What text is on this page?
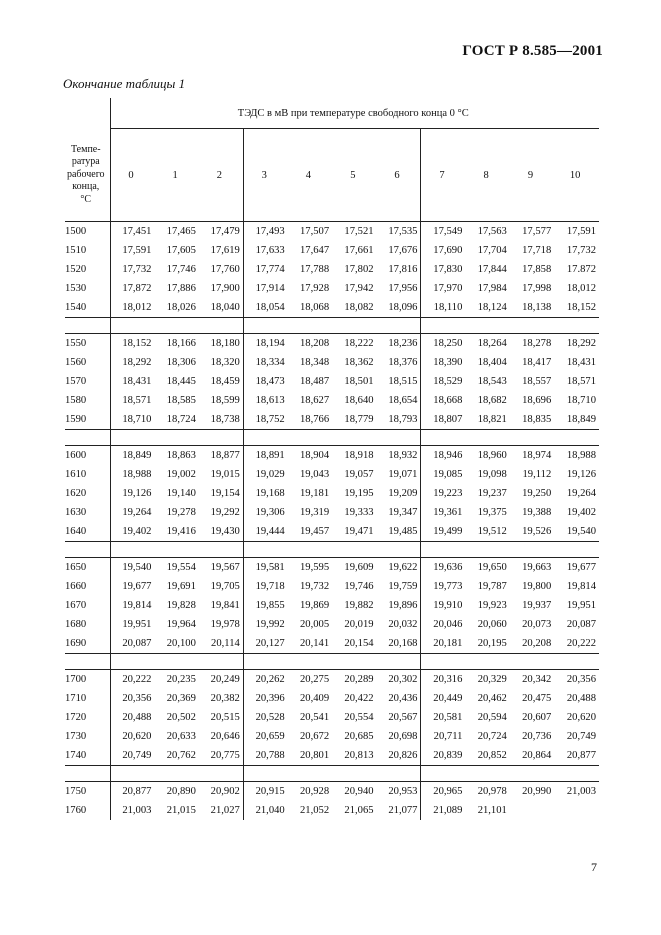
ГОСТ Р 8.585—2001
Окончание таблицы 1
	ТЭДС в мВ при температуре свободного конца 0 °С										
Темпе-
ратура
рабочего
конца,
°С	0	1	2	3	4	5	6	7	8	9	10
1500	17,451	17,465	17,479	17,493	17,507	17,521	17,535	17,549	17,563	17,577	17,591
1510	17,591	17,605	17,619	17,633	17,647	17,661	17,676	17,690	17,704	17,718	17,732
1520	17,732	17,746	17,760	17,774	17,788	17,802	17,816	17,830	17,844	17,858	17.872
1530	17,872	17,886	17,900	17,914	17,928	17,942	17,956	17,970	17,984	17,998	18,012
1540	18,012	18,026	18,040	18,054	18,068	18,082	18,096	18,110	18,124	18,138	18,152

1550	18,152	18,166	18,180	18,194	18,208	18,222	18,236	18,250	18,264	18,278	18,292
1560	18,292	18,306	18,320	18,334	18,348	18,362	18,376	18,390	18,404	18,417	18,431
1570	18,431	18,445	18,459	18,473	18,487	18,501	18,515	18,529	18,543	18,557	18,571
1580	18,571	18,585	18,599	18,613	18,627	18,640	18,654	18,668	18,682	18,696	18,710
1590	18,710	18,724	18,738	18,752	18,766	18,779	18,793	18,807	18,821	18,835	18,849

1600	18,849	18,863	18,877	18,891	18,904	18,918	18,932	18,946	18,960	18,974	18,988
1610	18,988	19,002	19,015	19,029	19,043	19,057	19,071	19,085	19,098	19,112	19,126
1620	19,126	19,140	19,154	19,168	19,181	19,195	19,209	19,223	19,237	19,250	19,264
1630	19,264	19,278	19,292	19,306	19,319	19,333	19,347	19,361	19,375	19,388	19,402
1640	19,402	19,416	19,430	19,444	19,457	19,471	19,485	19,499	19,512	19,526	19,540

1650	19,540	19,554	19,567	19,581	19,595	19,609	19,622	19,636	19,650	19,663	19,677
1660	19,677	19,691	19,705	19,718	19,732	19,746	19,759	19,773	19,787	19,800	19,814
1670	19,814	19,828	19,841	19,855	19,869	19,882	19,896	19,910	19,923	19,937	19,951
1680	19,951	19,964	19,978	19,992	20,005	20,019	20,032	20,046	20,060	20,073	20,087
1690	20,087	20,100	20,114	20,127	20,141	20,154	20,168	20,181	20,195	20,208	20,222

1700	20,222	20,235	20,249	20,262	20,275	20,289	20,302	20,316	20,329	20,342	20,356
1710	20,356	20,369	20,382	20,396	20,409	20,422	20,436	20,449	20,462	20,475	20,488
1720	20,488	20,502	20,515	20,528	20,541	20,554	20,567	20,581	20,594	20,607	20,620
1730	20,620	20,633	20,646	20,659	20,672	20,685	20,698	20,711	20,724	20,736	20,749
1740	20,749	20,762	20,775	20,788	20,801	20,813	20,826	20,839	20,852	20,864	20,877

1750	20,877	20,890	20,902	20,915	20,928	20,940	20,953	20,965	20,978	20,990	21,003
1760	21,003	21,015	21,027	21,040	21,052	21,065	21,077	21,089	21,101		
7
